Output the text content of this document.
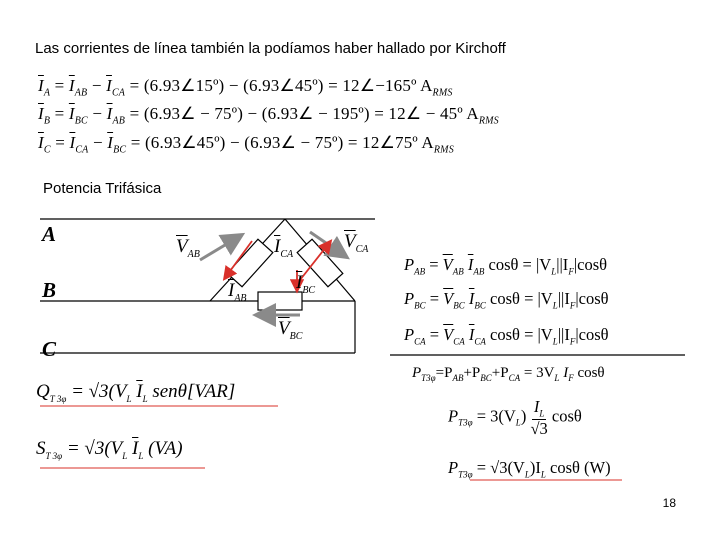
Las corrientes de línea también la podíamos haber hallado por Kirchoff
$\overline{I}_A = \overline{I}_{AB} - \overline{I}_{CA}$ = (6.93∠15º) − (6.93∠45º) = 12∠−165º $A_{RMS}$
$\overline{I}_B = \overline{I}_{BC} - \overline{I}_{AB}$ = (6.93∠ − 75º) − (6.93∠ − 195º) = 12∠ − 45º $A_{RMS}$
$\overline{I}_C = \overline{I}_{CA} - \overline{I}_{BC}$ = (6.93∠45º) − (6.93∠ − 75º) = 12∠75º $A_{RMS}$
Potencia Trifásica
A
B
C
$\overline{V}_{AB}$	$\overline{I}_{CA}$
$\overline{V}_{CA}$
$\overline{I}_{AB}$
$\overline{I}_{BC}$
$\overline{V}_{BC}$
$P_{AB} = \overline{V}_{AB}$ $\overline{I}_{AB}$ $\cos\theta = |V_L||I_F|\cos\theta$
$P_{BC} = \overline{V}_{BC}$ $\overline{I}_{BC}$ $\cos\theta = |V_L||I_F|\cos\theta$
$P_{CA} = \overline{V}_{CA}$ $\overline{I}_{CA}$ $\cos\theta = |V_L||I_F|\cos\theta$
$P_{T3\varphi}=P_{AB}+P_{BC}+P_{CA} = 3V_L$ $I_F$ cosθ
$P_{T3\varphi} = 3(V_L) \frac{I_L}{√3}$ cosθ
$P_{T3\varphi} = √3(V_L)I_L$ cosθ (W)
$Q_{T 3\varphi} = √3(V_L$ $\overline{I}_L$ senθ[VAR]
$S_{T 3\varphi} = √3(V_L$ $\overline{I}_L$ (VA)
18
